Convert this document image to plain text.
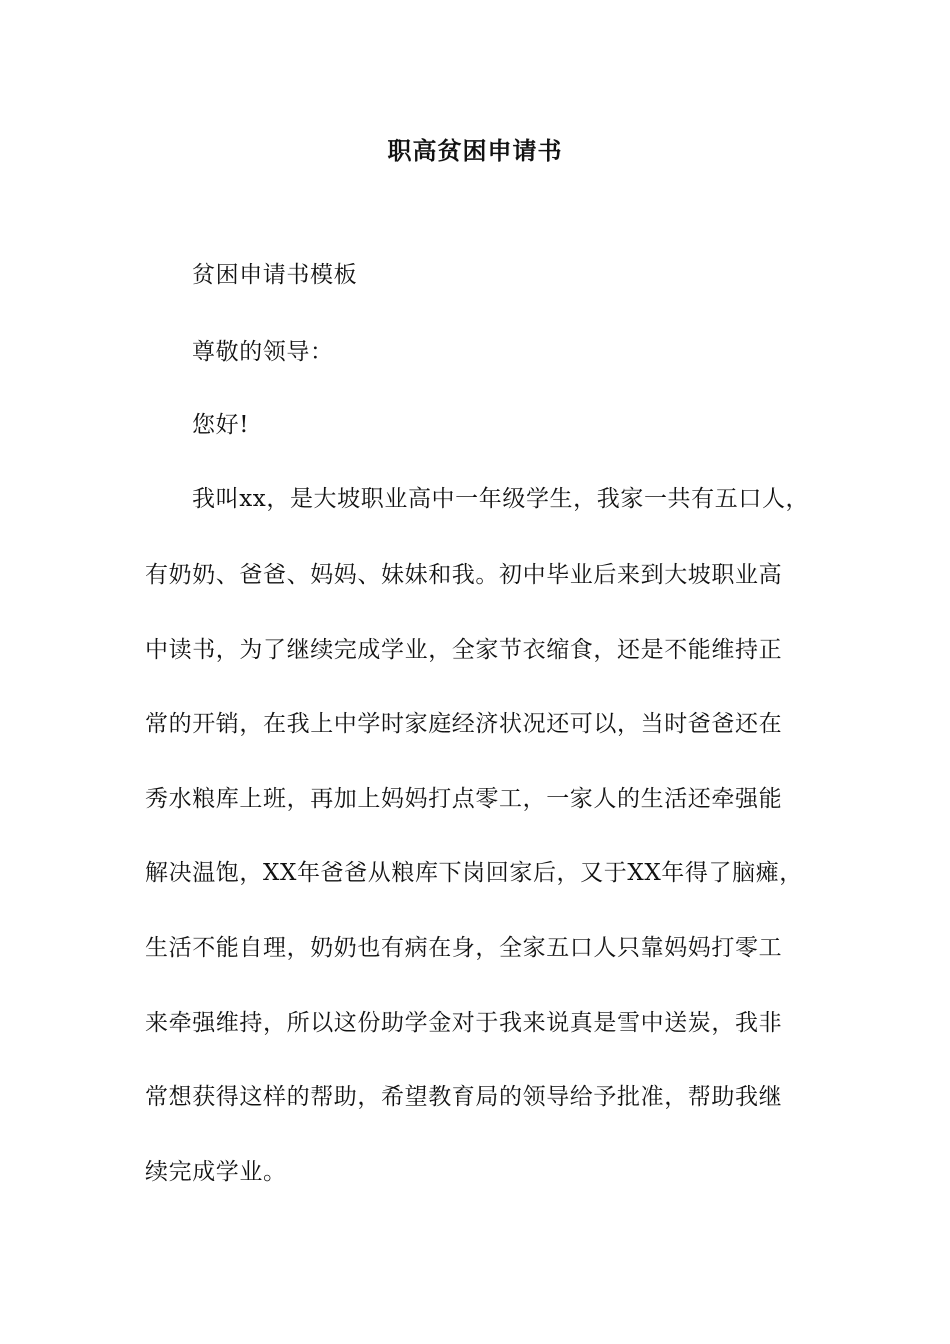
职高贫困申请书
贫困申请书模板
尊敬的领导：
您好!
我叫xx，是大坡职业高中一年级学生，我家一共有五口人，
有奶奶、爸爸、妈妈、妹妹和我。初中毕业后来到大坡职业高
中读书，为了继续完成学业，全家节衣缩食，还是不能维持正
常的开销，在我上中学时家庭经济状况还可以，当时爸爸还在
秀水粮库上班，再加上妈妈打点零工，一家人的生活还牵强能
解决温饱，XX年爸爸从粮库下岗回家后，又于XX年得了脑瘫，
生活不能自理，奶奶也有病在身，全家五口人只靠妈妈打零工
来牵强维持，所以这份助学金对于我来说真是雪中送炭，我非
常想获得这样的帮助，希望教育局的领导给予批准，帮助我继
续完成学业。
